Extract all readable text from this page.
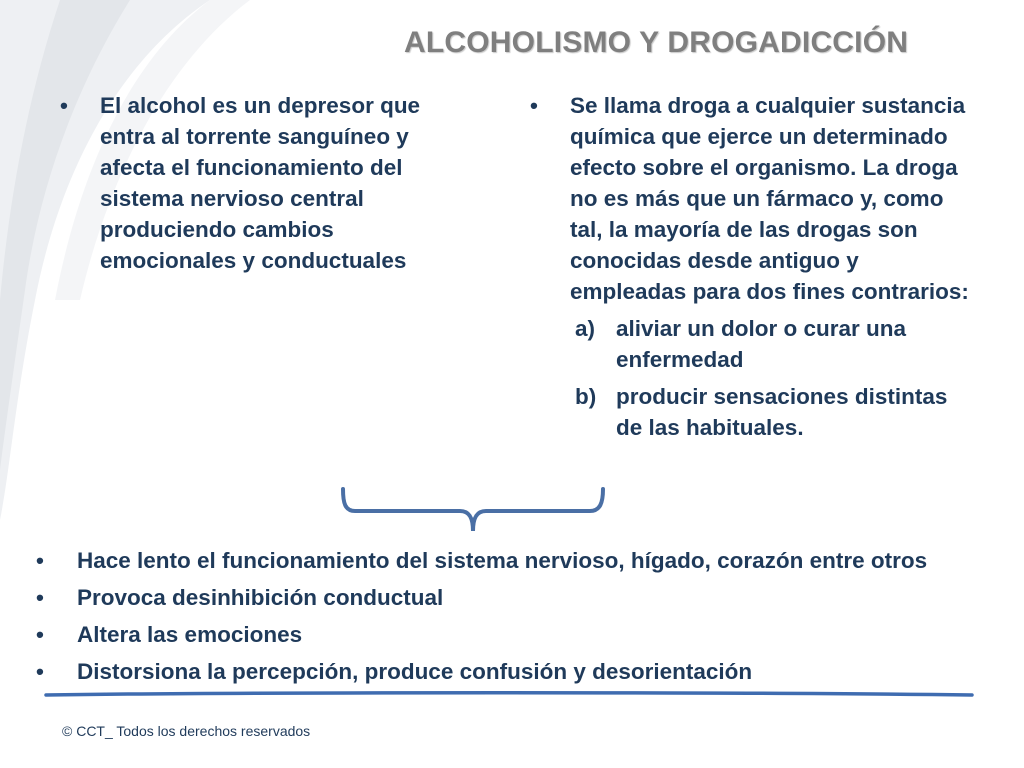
ALCOHOLISMO Y DROGADICCIÓN
• El alcohol es un depresor que entra al torrente sanguíneo y afecta el funcionamiento del sistema nervioso central produciendo cambios emocionales y conductuales
• Se llama droga a cualquier sustancia química que ejerce un determinado efecto sobre el organismo. La droga no es más que un fármaco y, como tal, la mayoría de las drogas son conocidas desde antiguo y empleadas para dos fines contrarios:
a) aliviar un dolor o curar una enfermedad
b) producir sensaciones distintas de las habituales.
• Hace lento el funcionamiento del sistema nervioso, hígado, corazón entre otros
• Provoca desinhibición conductual
• Altera las emociones
• Distorsiona la percepción, produce confusión y desorientación
© CCT_ Todos los derechos reservados
